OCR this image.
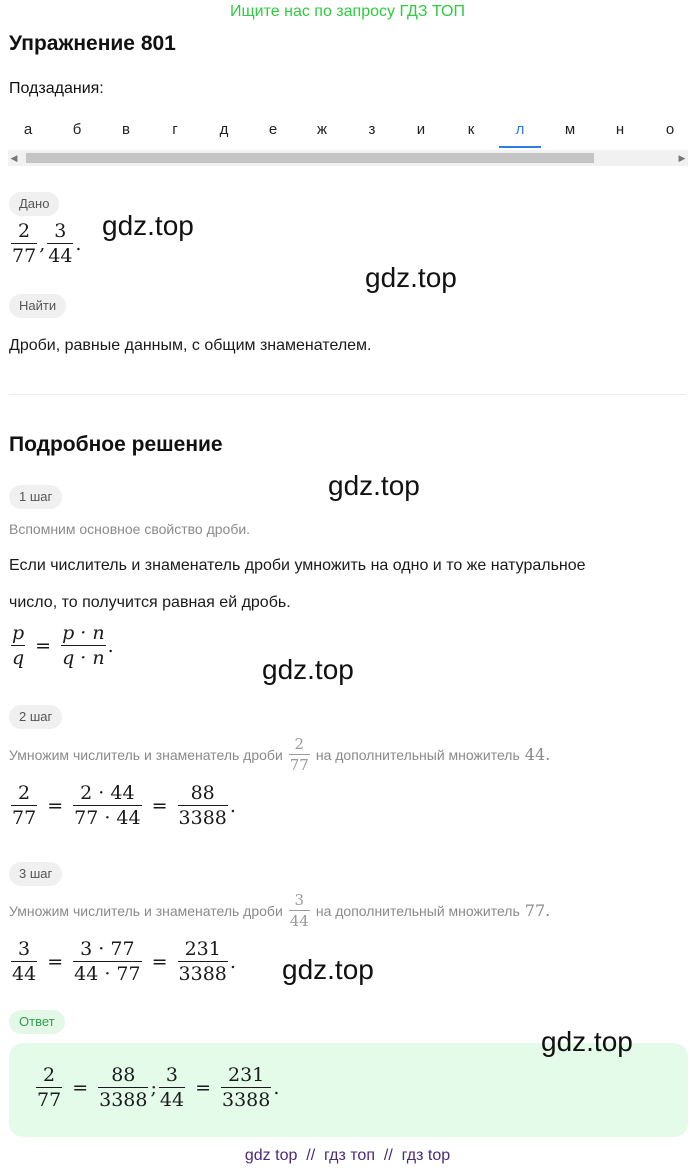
Ищите нас по запросу ГДЗ ТОП
Упражнение 801
Подзадания:
а	б	в	г	д	е	ж	з	и	к	л	м	н	о
◀	▶
Дано
$\frac{2}{77}$ , $\frac{3}{44}$ .
gdz.top
gdz.top
Найти
Дроби, равные данным, с общим знаменателем.
Подробное решение
gdz.top
1 шаг
Вспомним основное свойство дроби.
Если числитель и знаменатель дроби умножить на одно и то же натуральное
число, то получится равная ей дробь.
$\frac{p}{q} = \frac{p \cdot n}{q \cdot n}$ .
gdz.top
2 шаг
Умножим числитель и знаменатель дроби $\frac{2}{77}$ на дополнительный множитель 44.
$\frac{2}{77} = \frac{2 \cdot 44}{77 \cdot 44} = \frac{88}{3388}$ .
3 шаг
Умножим числитель и знаменатель дроби $\frac{3}{44}$ на дополнительный множитель 77.
$\frac{3}{44} = \frac{3 \cdot 77}{44 \cdot 77} = \frac{231}{3388}$ . gdz.top
Ответ
$\frac{2}{77} = \frac{88}{3388}$ ; $\frac{3}{44} = \frac{231}{3388}$ .
gdz.top
gdz top  //  гдз топ  //  гдз top
